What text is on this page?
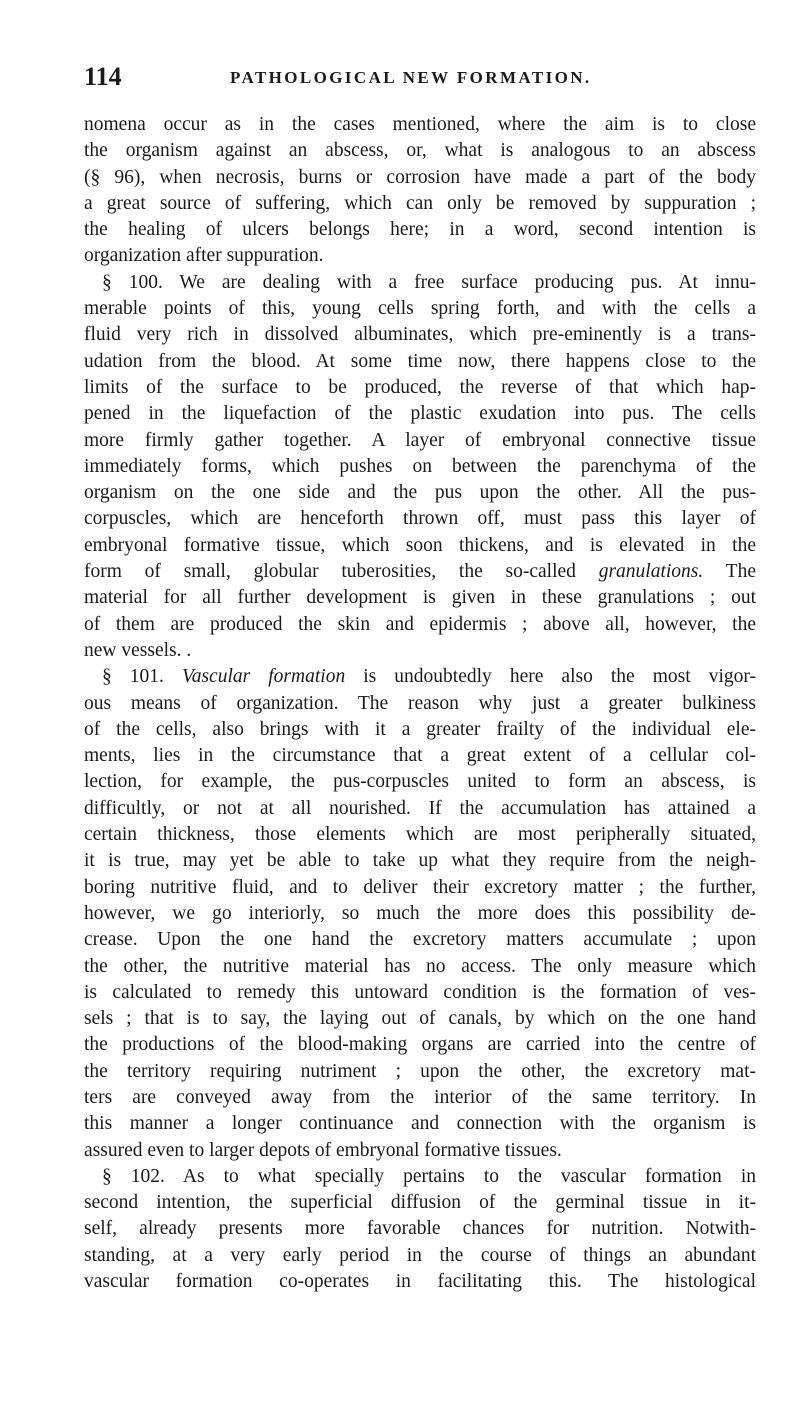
114	PATHOLOGICAL NEW FORMATION.
nomena occur as in the cases mentioned, where the aim is to close
the organism against an abscess, or, what is analogous to an abscess
(§ 96), when necrosis, burns or corrosion have made a part of the body
a great source of suffering, which can only be removed by suppuration ;
the healing of ulcers belongs here; in a word, second intention is
organization after suppuration.
§ 100. We are dealing with a free surface producing pus. At innu-
merable points of this, young cells spring forth, and with the cells a
fluid very rich in dissolved albuminates, which pre-eminently is a trans-
udation from the blood. At some time now, there happens close to the
limits of the surface to be produced, the reverse of that which hap-
pened in the liquefaction of the plastic exudation into pus. The cells
more firmly gather together. A layer of embryonal connective tissue
immediately forms, which pushes on between the parenchyma of the
organism on the one side and the pus upon the other. All the pus-
corpuscles, which are henceforth thrown off, must pass this layer of
embryonal formative tissue, which soon thickens, and is elevated in the
form of small, globular tuberosities, the so-called granulations. The
material for all further development is given in these granulations ; out
of them are produced the skin and epidermis ; above all, however, the
new vessels. .
§ 101. Vascular formation is undoubtedly here also the most vigor-
ous means of organization. The reason why just a greater bulkiness
of the cells, also brings with it a greater frailty of the individual ele-
ments, lies in the circumstance that a great extent of a cellular col-
lection, for example, the pus-corpuscles united to form an abscess, is
difficultly, or not at all nourished. If the accumulation has attained a
certain thickness, those elements which are most peripherally situated,
it is true, may yet be able to take up what they require from the neigh-
boring nutritive fluid, and to deliver their excretory matter ; the further,
however, we go interiorly, so much the more does this possibility de-
crease. Upon the one hand the excretory matters accumulate ; upon
the other, the nutritive material has no access. The only measure which
is calculated to remedy this untoward condition is the formation of ves-
sels ; that is to say, the laying out of canals, by which on the one hand
the productions of the blood-making organs are carried into the centre of
the territory requiring nutriment ; upon the other, the excretory mat-
ters are conveyed away from the interior of the same territory. In
this manner a longer continuance and connection with the organism is
assured even to larger depots of embryonal formative tissues.
§ 102. As to what specially pertains to the vascular formation in
second intention, the superficial diffusion of the germinal tissue in it-
self, already presents more favorable chances for nutrition. Notwith-
standing, at a very early period in the course of things an abundant
vascular formation co-operates in facilitating this. The histological
